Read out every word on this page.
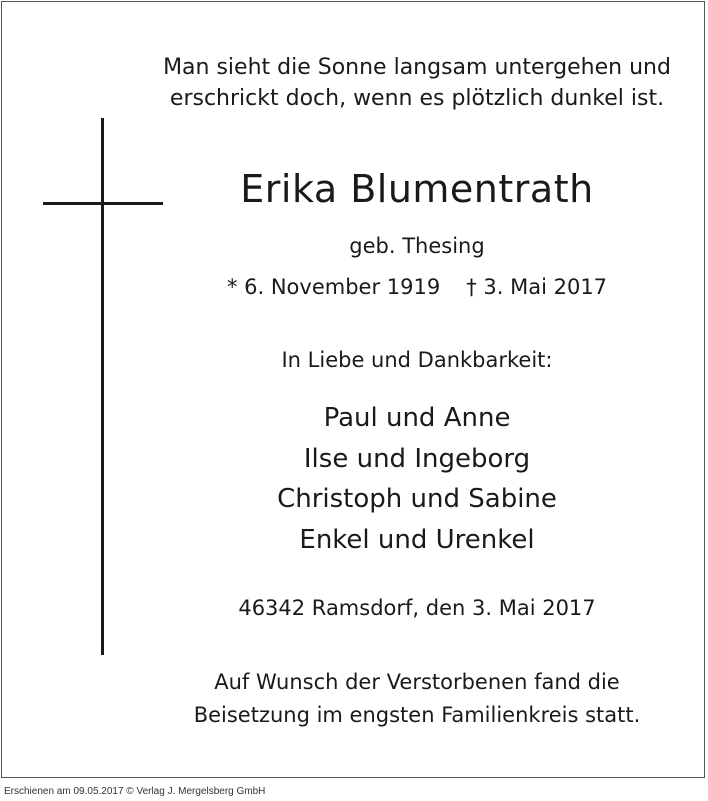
Man sieht die Sonne langsam untergehen und
erschrickt doch, wenn es plötzlich dunkel ist.
Erika Blumentrath
geb. Thesing
* 6. November 1919 † 3. Mai 2017
In Liebe und Dankbarkeit:
Paul und Anne
Ilse und Ingeborg
Christoph und Sabine
Enkel und Urenkel
46342 Ramsdorf, den 3. Mai 2017
Auf Wunsch der Verstorbenen fand die
Beisetzung im engsten Familienkreis statt.
Erschienen am 09.05.2017 © Verlag J. Mergelsberg GmbH
